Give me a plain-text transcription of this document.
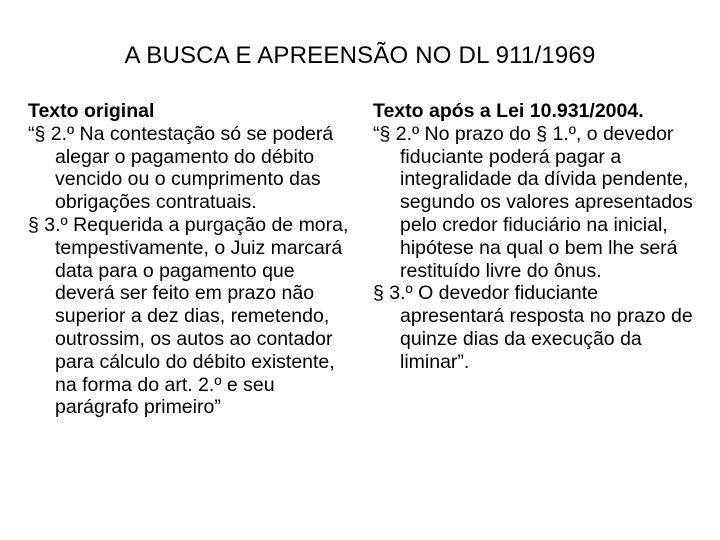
A BUSCA E APREENSÃO NO DL 911/1969

Texto original

“§ 2.º Na contestação só se poderá alegar o pagamento do débito vencido ou o cumprimento das obrigações contratuais.

§ 3.º Requerida a purgação de mora, tempestivamente, o Juiz marcará data para o pagamento que deverá ser feito em prazo não superior a dez dias, remetendo, outrossim, os autos ao contador para cálculo do débito existente, na forma do art. 2.º e seu parágrafo primeiro”

Texto após a Lei 10.931/2004.

“§ 2.º No prazo do § 1.º, o devedor fiduciante poderá pagar a integralidade da dívida pendente, segundo os valores apresentados pelo credor fiduciário na inicial, hipótese na qual o bem lhe será restituído livre do ônus.

§ 3.º O devedor fiduciante apresentará resposta no prazo de quinze dias da execução da liminar”.
